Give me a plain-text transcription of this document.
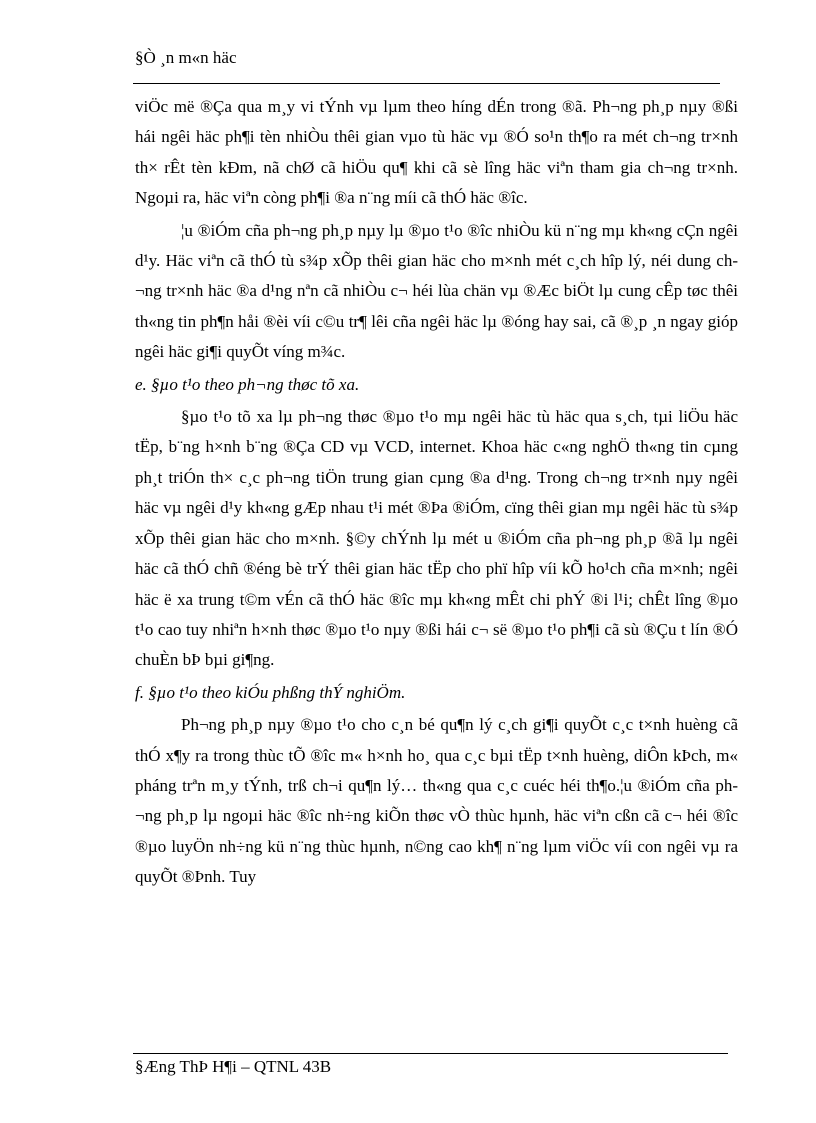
§Ò ¸n m«n häc

viÖc më ®Ça qua m¸y vi tÝnh vµ lµm theo híng dÉn trong ®ã. Ph¬ng ph¸p nµy ®ßi hái ngêi häc ph¶i tèn nhiÒu thêi gian vµo tù häc vµ ®Ó so¹n th¶o ra mét ch¬ng tr×nh th× rÊt tèn kÐm, nã chØ cã hiÖu qu¶ khi cã sè lîng häc viªn tham gia ch¬ng tr×nh. Ngoµi ra, häc viªn còng ph¶i ®a n¨ng míi cã thÓ häc ®îc.

¦u ®iÓm cña ph¬ng ph¸p nµy lµ ®µo t¹o ®îc nhiÒu kü n¨ng mµ kh«ng cÇn ngêi d¹y. Häc viªn cã thÓ tù s¾p xÕp thêi gian häc cho m×nh mét c¸ch hîp lý, néi dung ch¬ng tr×nh häc ®a d¹ng nªn cã nhiÒu c¬ héi lùa chän vµ ®Æc biÖt lµ cung cÊp tøc thêi th«ng tin ph¶n håi ®èi víi c©u tr¶ lêi cña ngêi häc lµ ®óng hay sai, cã ®¸p ¸n ngay gióp ngêi häc gi¶i quyÕt víng m¾c.

e. §µo t¹o theo ph¬ng thøc tõ xa.

§µo t¹o tõ xa lµ ph¬ng thøc ®µo t¹o mµ ngêi häc tù häc qua s¸ch, tµi liÖu häc tËp, b¨ng h×nh b¨ng ®Ça CD vµ VCD, internet. Khoa häc c«ng nghÖ th«ng tin cµng ph¸t triÓn th× c¸c ph¬ng tiÖn trung gian cµng ®a d¹ng. Trong ch¬ng tr×nh nµy ngêi häc vµ ngêi d¹y kh«ng gÆp nhau t¹i mét ®Þa ®iÓm, cïng thêi gian mµ ngêi häc tù s¾p xÕp thêi gian häc cho m×nh. §©y chÝnh lµ mét u ®iÓm cña ph¬ng ph¸p ®ã lµ ngêi häc cã thÓ chñ ®éng bè trÝ thêi gian häc tËp cho phï hîp víi kÕ ho¹ch cña m×nh; ngêi häc ë xa trung t©m vÉn cã thÓ häc ®îc mµ kh«ng mÊt chi phÝ ®i l¹i; chÊt lîng ®µo t¹o cao tuy nhiªn h×nh thøc ®µo t¹o nµy ®ßi hái c¬ së ®µo t¹o ph¶i cã sù ®Çu t lín ®Ó chuÈn bÞ bµi gi¶ng.

f. §µo t¹o theo kiÓu phßng thÝ nghiÖm.

Ph¬ng ph¸p nµy ®µo t¹o cho c¸n bé qu¶n lý c¸ch gi¶i quyÕt c¸c t×nh huèng cã thÓ x¶y ra trong thùc tÕ ®îc m« h×nh ho¸ qua c¸c bµi tËp t×nh huèng, diÔn kÞch, m« pháng trªn m¸y tÝnh, trß ch¬i qu¶n lý… th«ng qua c¸c cuéc héi th¶o.¦u ®iÓm cña ph¬ng ph¸p lµ ngoµi häc ®îc nh÷ng kiÕn thøc vÒ thùc hµnh, häc viªn cßn cã c¬ héi ®îc ®µo luyÖn nh÷ng kü n¨ng thùc hµnh, n©ng cao kh¶ n¨ng lµm viÖc víi con ngêi vµ ra quyÕt ®Þnh. Tuy

§Æng ThÞ H¶i – QTNL 43B
